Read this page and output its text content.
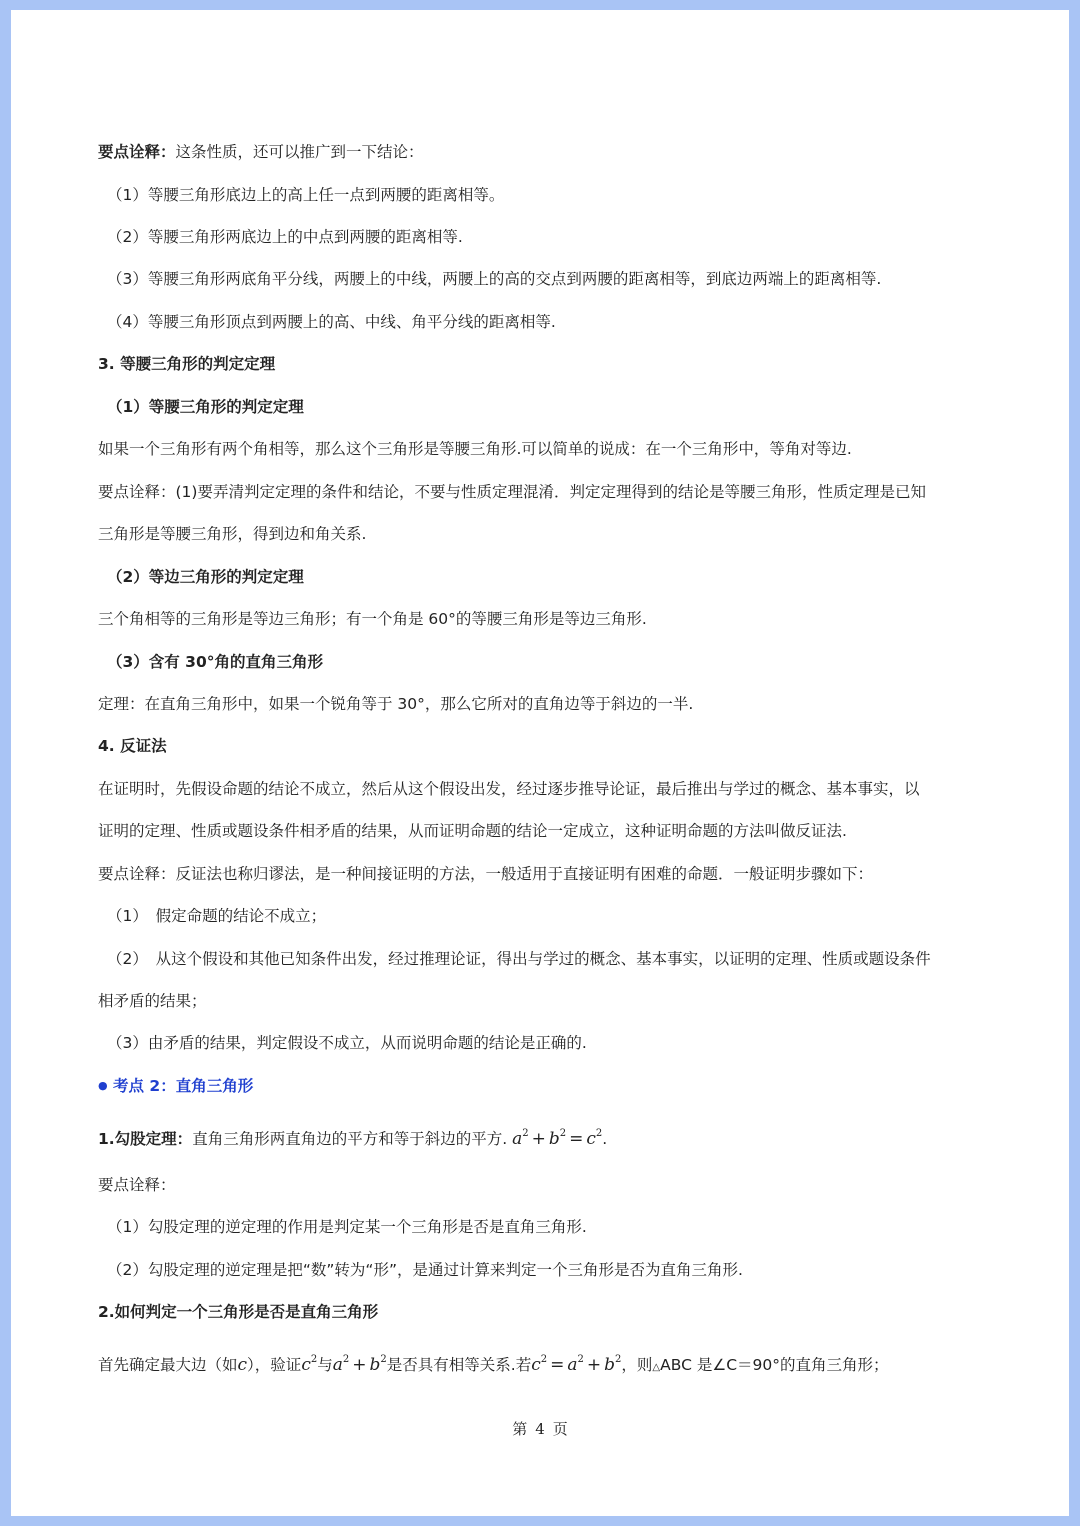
要点诠释：这条性质，还可以推广到一下结论：
（1）等腰三角形底边上的高上任一点到两腰的距离相等。
（2）等腰三角形两底边上的中点到两腰的距离相等.
（3）等腰三角形两底角平分线，两腰上的中线，两腰上的高的交点到两腰的距离相等，到底边两端上的距离相等.
（4）等腰三角形顶点到两腰上的高、中线、角平分线的距离相等.
3. 等腰三角形的判定定理
（1）等腰三角形的判定定理
如果一个三角形有两个角相等，那么这个三角形是等腰三角形.可以简单的说成：在一个三角形中，等角对等边.
要点诠释：(1)要弄清判定定理的条件和结论，不要与性质定理混淆．判定定理得到的结论是等腰三角形，性质定理是已知
三角形是等腰三角形，得到边和角关系.
（2）等边三角形的判定定理
三个角相等的三角形是等边三角形；有一个角是 60°的等腰三角形是等边三角形.
（3）含有 30°角的直角三角形
定理：在直角三角形中，如果一个锐角等于 30°，那么它所对的直角边等于斜边的一半.
4. 反证法
在证明时，先假设命题的结论不成立，然后从这个假设出发，经过逐步推导论证，最后推出与学过的概念、基本事实，以
证明的定理、性质或题设条件相矛盾的结果，从而证明命题的结论一定成立，这种证明命题的方法叫做反证法.
要点诠释：反证法也称归谬法，是一种间接证明的方法，一般适用于直接证明有困难的命题．一般证明步骤如下：
（1）　假定命题的结论不成立；
（2）　从这个假设和其他已知条件出发，经过推理论证，得出与学过的概念、基本事实，以证明的定理、性质或题设条件
相矛盾的结果；
（3）由矛盾的结果，判定假设不成立，从而说明命题的结论是正确的.
● 考点 2：直角三角形
1.勾股定理：直角三角形两直角边的平方和等于斜边的平方. $a^2 + b^2 = c^2$.
要点诠释：
（1）勾股定理的逆定理的作用是判定某一个三角形是否是直角三角形.
（2）勾股定理的逆定理是把“数”转为“形”，是通过计算来判定一个三角形是否为直角三角形.
2.如何判定一个三角形是否是直角三角形
首先确定最大边（如c），验证$c^2$与$a^2 + b^2$是否具有相等关系.若$c^2 = a^2 + b^2$，则△ABC 是∠C＝90°的直角三角形；
第 4 页
